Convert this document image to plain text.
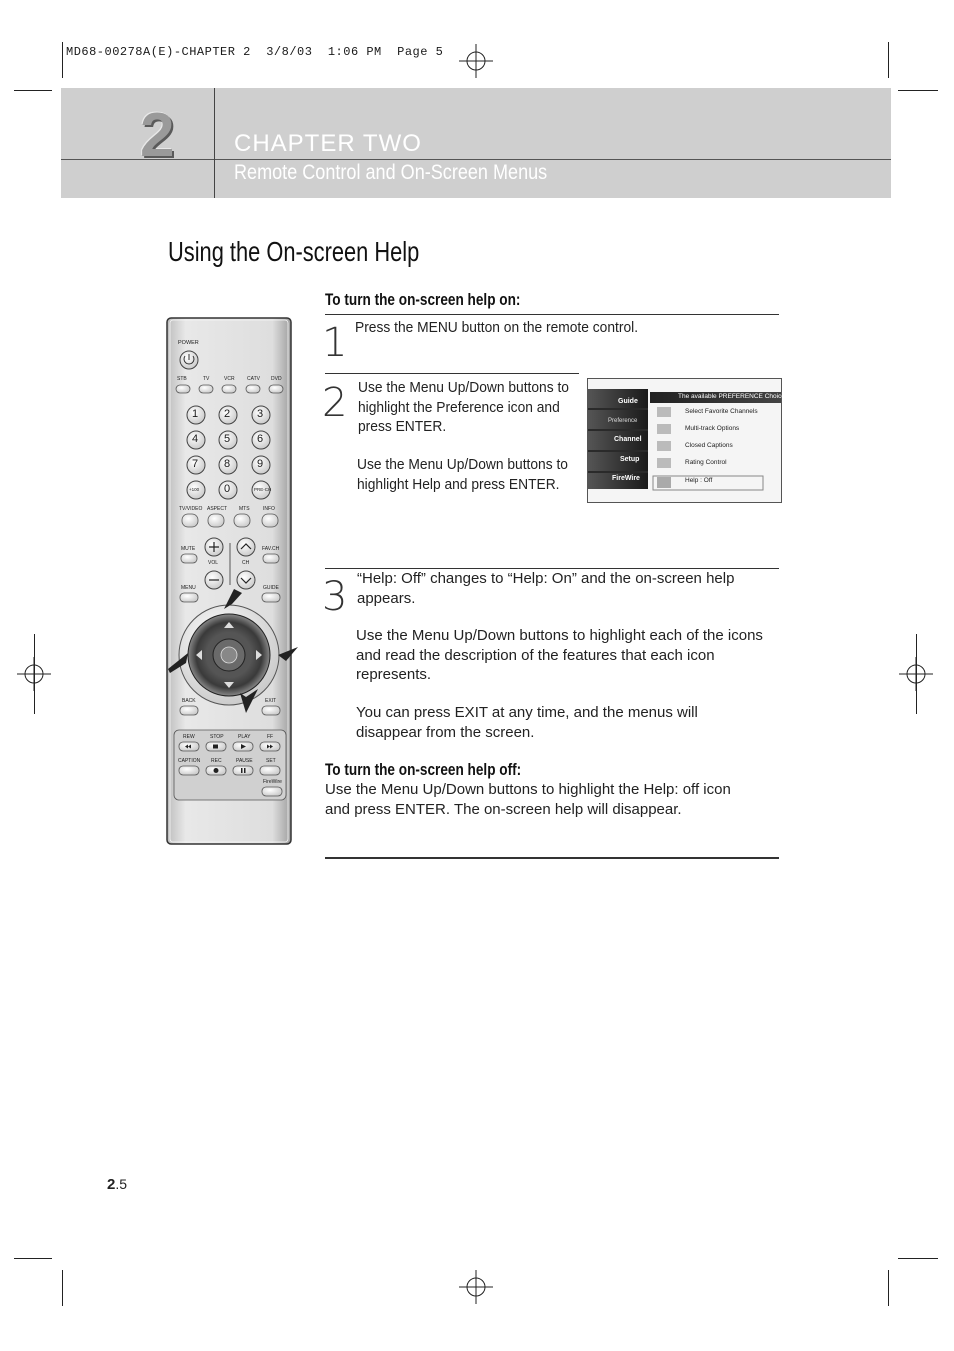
MD68-00278A(E)-CHAPTER 2  3/8/03  1:06 PM  Page 5
2 CHAPTER TWO
Remote Control and On-Screen Menus
Using the On-screen Help
To turn the on-screen help on:
1 Press the MENU button on the remote control.
2 Use the Menu Up/Down buttons to highlight the Preference icon and press ENTER.
Use the Menu Up/Down buttons to highlight Help and press ENTER.
The available PREFERENCE Choices
Guide
Preference
Channel
Setup
FireWire
Select Favorite Channels
Multi-track Options
Closed Captions
Rating Control
Help : Off
3 “Help: Off” changes to “Help: On” and the on-screen help appears.
Use the Menu Up/Down buttons to highlight each of the icons and read the description of the features that each icon represents.
You can press EXIT at any time, and the menus will disappear from the screen.
To turn the on-screen help off:
Use the Menu Up/Down buttons to highlight the Help: off icon and press ENTER. The on-screen help will disappear.
POWER
STB	TV	VCR CATV DVD
1 2 3
4 5 6
7 8 9
+100 0	PRE-CH
TV/VIDEO ASPECT MTS	INFO
MUTE	FAV.CH
VOL	CH
MENU	GUIDE
BACK	EXIT
REW	STOP	PLAY	FF
CAPTION REC	PAUSE	SET
FireWire
2.5
